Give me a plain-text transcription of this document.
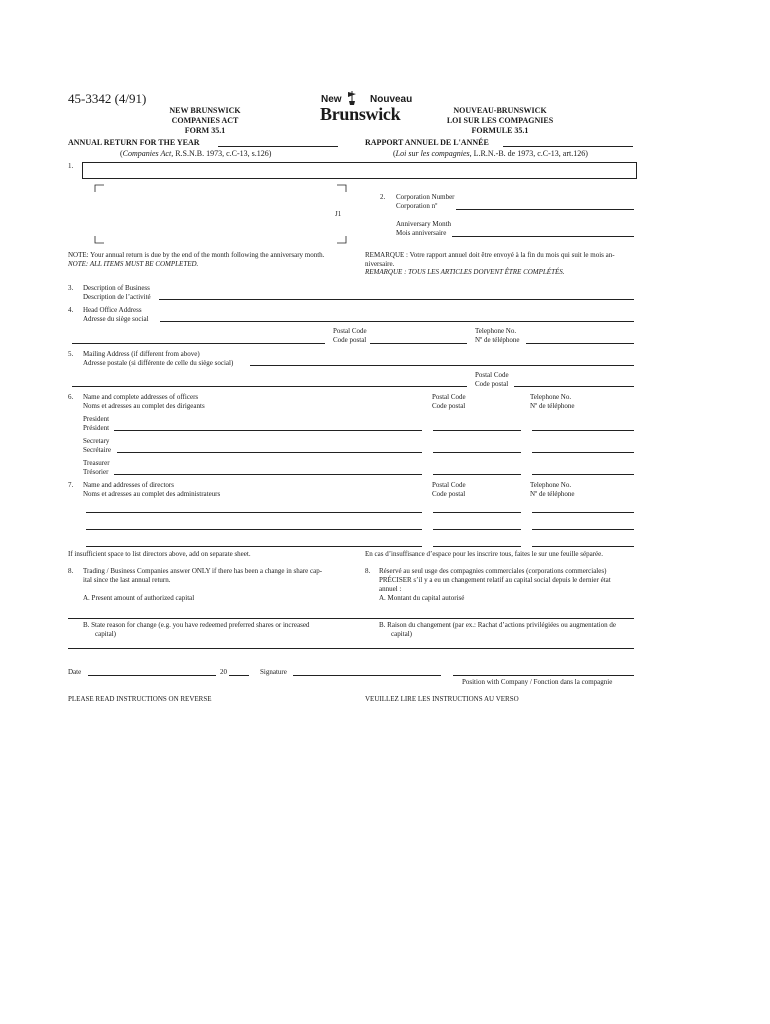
45-3342 (4/91)
NEW BRUNSWICK
COMPANIES ACT
FORM 35.1
New	Nouveau
Brunswick	NOUVEAU-BRUNSWICK
LOI SUR LES COMPAGNIES
FORMULE 35.1
ANNUAL RETURN FOR THE YEAR	RAPPORT ANNUEL DE L'ANNÉE
(Companies Act, R.S.N.B. 1973, c.C-13, s.126)	(Loi sur les compagnies, L.R.N.-B. de 1973, c.C-13, art.126)
1.
J1
2. Corporation Number
Corporation nº
Anniversary Month
Mois anniversaire
NOTE: Your annual return is due by the end of the month following the anniversary month.
NOTE: ALL ITEMS MUST BE COMPLETED.
REMARQUE : Votre rapport annuel doit être envoyé à la fin du mois qui suit le mois an-
niversaire.
REMARQUE : TOUS LES ARTICLES DOIVENT ÊTRE COMPLÉTÉS.
3. Description of Business
Description de l’activité
4. Head Office Address
Adresse du siège social
Postal Code
Code postal
Telephone No.
Nº de téléphone
5. Mailing Address (if different from above)
Adresse postale (si différente de celle du siège social)
Postal Code
Code postal
6. Name and complete addresses of officers
Noms et adresses au complet des dirigeants
Postal Code
Code postal
Telephone No.
Nº de téléphone
President
Président
Secretary
Secrétaire
Treasurer
Trésorier
7. Name and addresses of directors
Noms et adresses au complet des administrateurs
Postal Code
Code postal
Telephone No.
Nº de téléphone
If insufficient space to list directors above, add on separate sheet.	En cas d’insuffisance d’espace pour les inscrire tous, faites le sur une feuille séparée.
8. Trading / Business Companies answer ONLY if there has been a change in share cap-
ital since the last annual return.
8. Réservé au seul usge des compagnies commerciales (corporations commerciales)
PRÉCISER s’il y a eu un changement relatif au capital social depuis le dernier état
annuel :
A. Present amount of authorized capital	A. Montant du capital autorisé
B. State reason for change (e.g. you have redeemed preferred shares or increased
capital)
B. Raison du changement (par ex.: Rachat d’actions privilégiées ou augmentation de
capital)
Date	20	Signature
Position with Company / Fonction dans la compagnie
PLEASE READ INSTRUCTIONS ON REVERSE	VEUILLEZ LIRE LES INSTRUCTIONS AU VERSO
